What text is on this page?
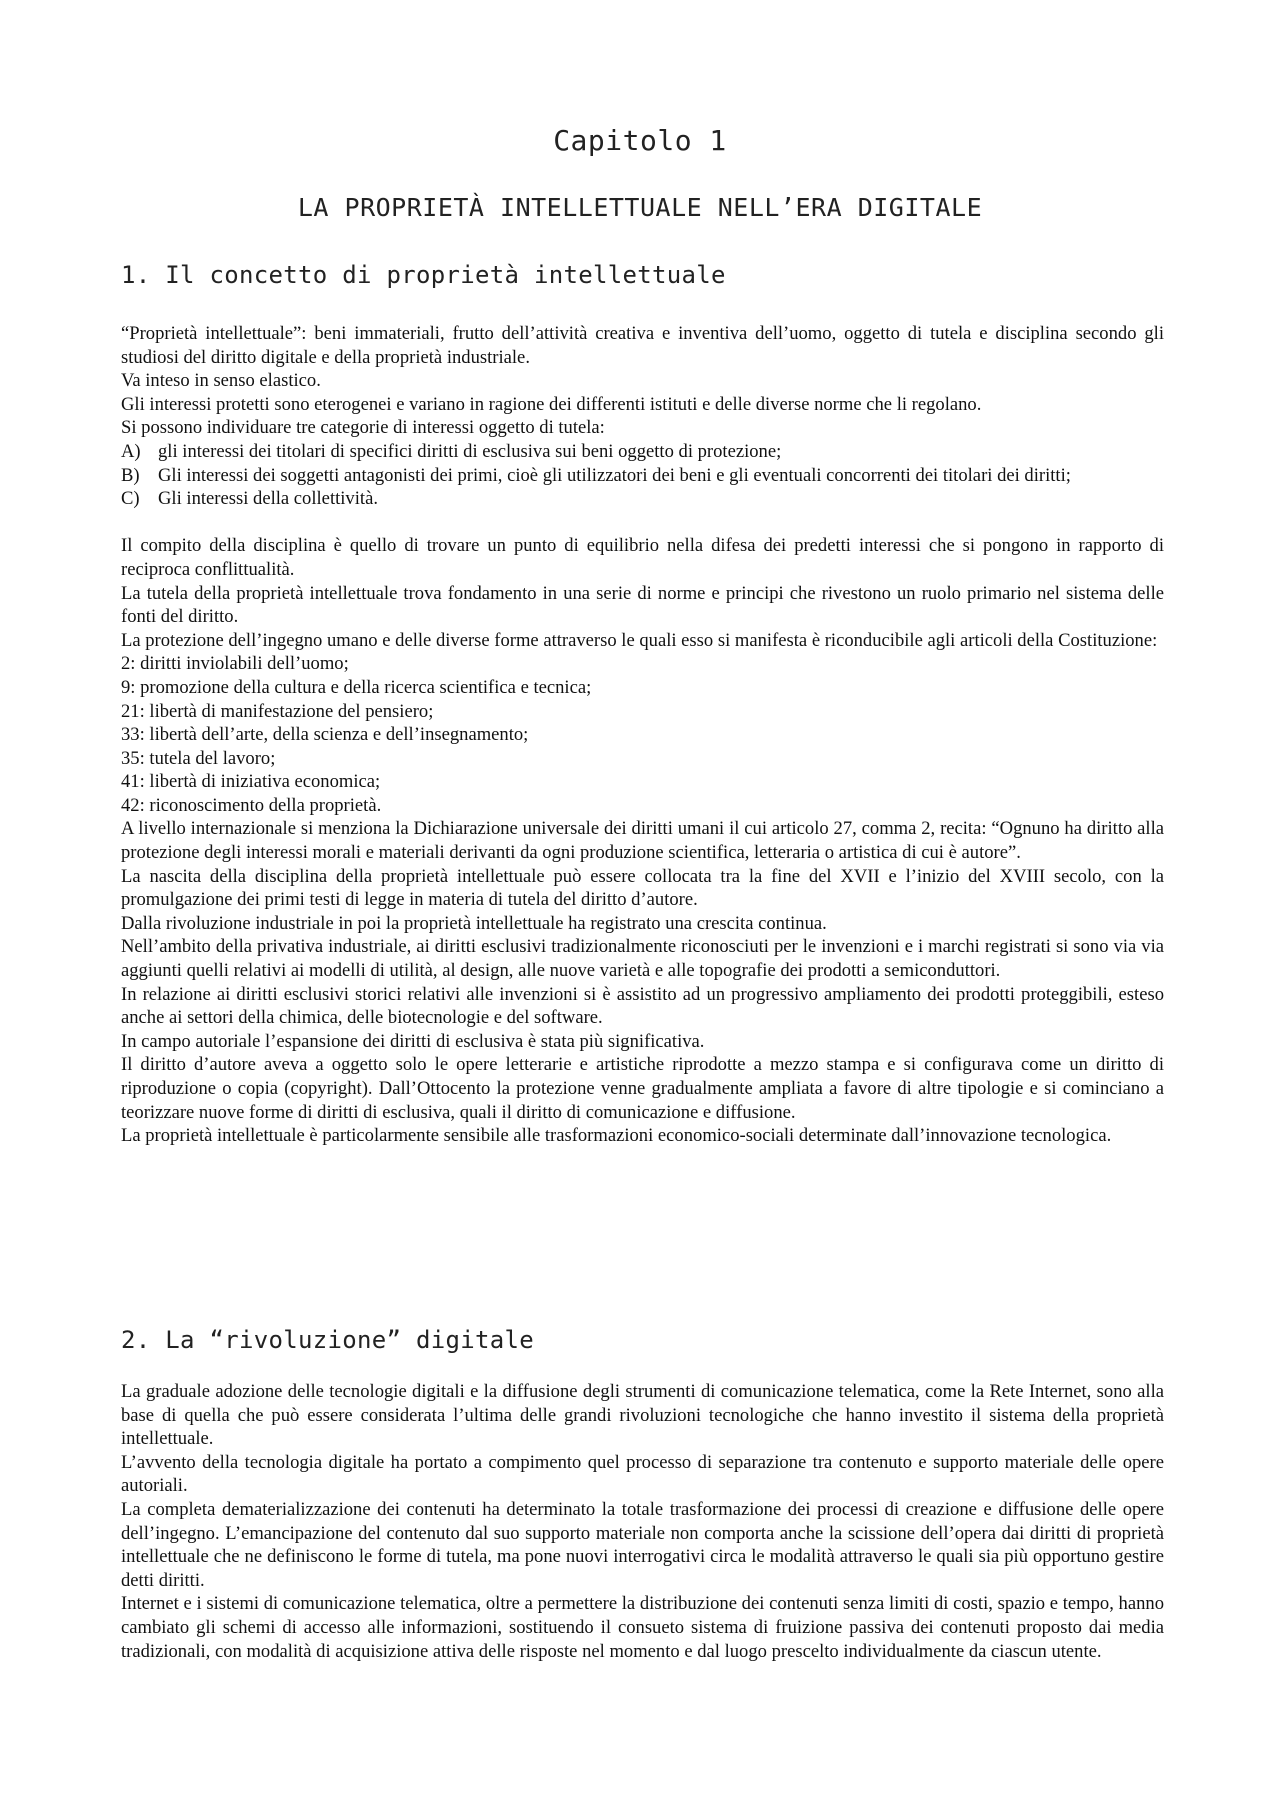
Capitolo 1
LA PROPRIETÀ INTELLETTUALE NELL’ERA DIGITALE
1. Il concetto di proprietà intellettuale

“Proprietà intellettuale”: beni immateriali, frutto dell’attività creativa e inventiva dell’uomo, oggetto di tutela e disciplina secondo gli studiosi del diritto digitale e della proprietà industriale.

Va inteso in senso elastico.

Gli interessi protetti sono eterogenei e variano in ragione dei differenti istituti e delle diverse norme che li regolano.

Si possono individuare tre categorie di interessi oggetto di tutela:

A) gli interessi dei titolari di specifici diritti di esclusiva sui beni oggetto di protezione;
B) Gli interessi dei soggetti antagonisti dei primi, cioè gli utilizzatori dei beni e gli eventuali concorrenti dei titolari dei diritti;
C) Gli interessi della collettività.

Il compito della disciplina è quello di trovare un punto di equilibrio nella difesa dei predetti interessi che si pongono in rapporto di reciproca conflittualità.

La tutela della proprietà intellettuale trova fondamento in una serie di norme e principi che rivestono un ruolo primario nel sistema delle fonti del diritto.

La protezione dell’ingegno umano e delle diverse forme attraverso le quali esso si manifesta è riconducibile agli articoli della Costituzione:

2: diritti inviolabili dell’uomo;

9: promozione della cultura e della ricerca scientifica e tecnica;

21: libertà di manifestazione del pensiero;

33: libertà dell’arte, della scienza e dell’insegnamento;

35: tutela del lavoro;

41: libertà di iniziativa economica;

42: riconoscimento della proprietà.

A livello internazionale si menziona la Dichiarazione universale dei diritti umani il cui articolo 27, comma 2, recita: “Ognuno ha diritto alla protezione degli interessi morali e materiali derivanti da ogni produzione scientifica, letteraria o artistica di cui è autore”.

La nascita della disciplina della proprietà intellettuale può essere collocata tra la fine del XVII e l’inizio del XVIII secolo, con la promulgazione dei primi testi di legge in materia di tutela del diritto d’autore.

Dalla rivoluzione industriale in poi la proprietà intellettuale ha registrato una crescita continua.

Nell’ambito della privativa industriale, ai diritti esclusivi tradizionalmente riconosciuti per le invenzioni e i marchi registrati si sono via via aggiunti quelli relativi ai modelli di utilità, al design, alle nuove varietà e alle topografie dei prodotti a semiconduttori.

In relazione ai diritti esclusivi storici relativi alle invenzioni si è assistito ad un progressivo ampliamento dei prodotti proteggibili, esteso anche ai settori della chimica, delle biotecnologie e del software.

In campo autoriale l’espansione dei diritti di esclusiva è stata più significativa.

Il diritto d’autore aveva a oggetto solo le opere letterarie e artistiche riprodotte a mezzo stampa e si configurava come un diritto di riproduzione o copia (copyright). Dall’Ottocento la protezione venne gradualmente ampliata a favore di altre tipologie e si cominciano a teorizzare nuove forme di diritti di esclusiva, quali il diritto di comunicazione e diffusione.

La proprietà intellettuale è particolarmente sensibile alle trasformazioni economico-sociali determinate dall’innovazione tecnologica.

2. La “rivoluzione” digitale

La graduale adozione delle tecnologie digitali e la diffusione degli strumenti di comunicazione telematica, come la Rete Internet, sono alla base di quella che può essere considerata l’ultima delle grandi rivoluzioni tecnologiche che hanno investito il sistema della proprietà intellettuale.

L’avvento della tecnologia digitale ha portato a compimento quel processo di separazione tra contenuto e supporto materiale delle opere autoriali.

La completa dematerializzazione dei contenuti ha determinato la totale trasformazione dei processi di creazione e diffusione delle opere dell’ingegno. L’emancipazione del contenuto dal suo supporto materiale non comporta anche la scissione dell’opera dai diritti di proprietà intellettuale che ne definiscono le forme di tutela, ma pone nuovi interrogativi circa le modalità attraverso le quali sia più opportuno gestire detti diritti.

Internet e i sistemi di comunicazione telematica, oltre a permettere la distribuzione dei contenuti senza limiti di costi, spazio e tempo, hanno cambiato gli schemi di accesso alle informazioni, sostituendo il consueto sistema di fruizione passiva dei contenuti proposto dai media tradizionali, con modalità di acquisizione attiva delle risposte nel momento e dal luogo prescelto individualmente da ciascun utente.
